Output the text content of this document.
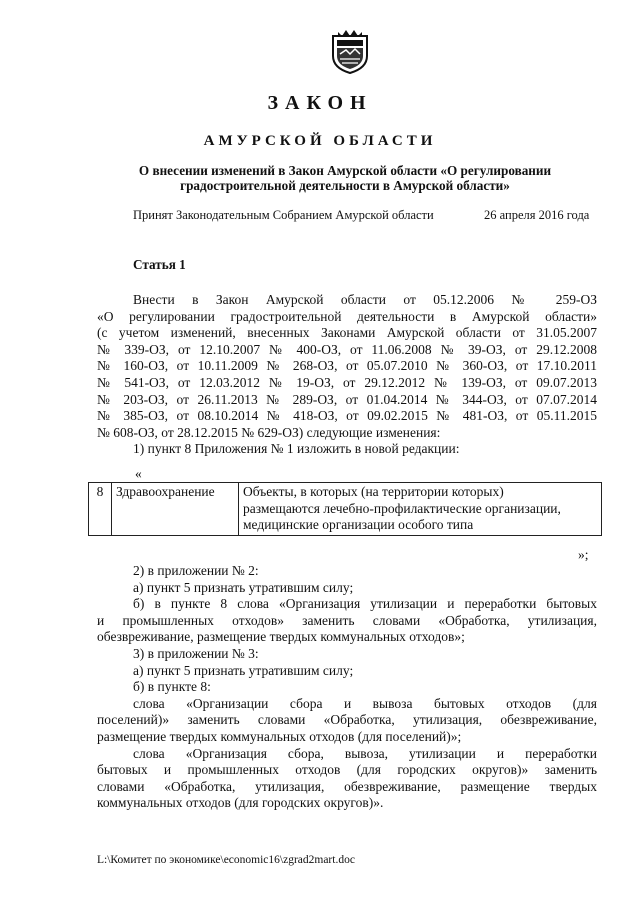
ЗАКОН
АМУРСКОЙ ОБЛАСТИ
О внесении изменений в Закон Амурской области «О регулировании
градостроительной деятельности в Амурской области»
Принят Законодательным Собранием Амурской области	26 апреля 2016 года
Статья 1
Внести в Закон Амурской области от 05.12.2006 № 259-ОЗ
«О регулировании градостроительной деятельности в Амурской области»
(с учетом изменений, внесенных Законами Амурской области от 31.05.2007
№ 339-ОЗ, от 12.10.2007 № 400-ОЗ, от 11.06.2008 № 39-ОЗ, от 29.12.2008
№ 160-ОЗ, от 10.11.2009 № 268-ОЗ, от 05.07.2010 № 360-ОЗ, от 17.10.2011
№ 541-ОЗ, от 12.03.2012 № 19-ОЗ, от 29.12.2012 № 139-ОЗ, от 09.07.2013
№ 203-ОЗ, от 26.11.2013 № 289-ОЗ, от 01.04.2014 № 344-ОЗ, от 07.07.2014
№ 385-ОЗ, от 08.10.2014 № 418-ОЗ, от 09.02.2015 № 481-ОЗ, от 05.11.2015
№ 608-ОЗ, от 28.12.2015 № 629-ОЗ) следующие изменения:
1) пункт 8 Приложения № 1 изложить в новой редакции:
«
8	Здравоохранение	Объекты, в которых (на территории которых)
размещаются лечебно-профилактические организации,
медицинские организации особого типа
»;
2) в приложении № 2:
а) пункт 5 признать утратившим силу;
б) в пункте 8 слова «Организация утилизации и переработки бытовых
и промышленных отходов» заменить словами «Обработка, утилизация,
обезвреживание, размещение твердых коммунальных отходов»;
3) в приложении № 3:
а) пункт 5 признать утратившим силу;
б) в пункте 8:
слова «Организации сбора и вывоза бытовых отходов (для
поселений)» заменить словами «Обработка, утилизация, обезвреживание,
размещение твердых коммунальных отходов (для поселений)»;
слова «Организация сбора, вывоза, утилизации и переработки
бытовых и промышленных отходов (для городских округов)» заменить
словами «Обработка, утилизация, обезвреживание, размещение твердых
коммунальных отходов (для городских округов)».
L:\Комитет по экономике\economic16\zgrad2mart.doc
